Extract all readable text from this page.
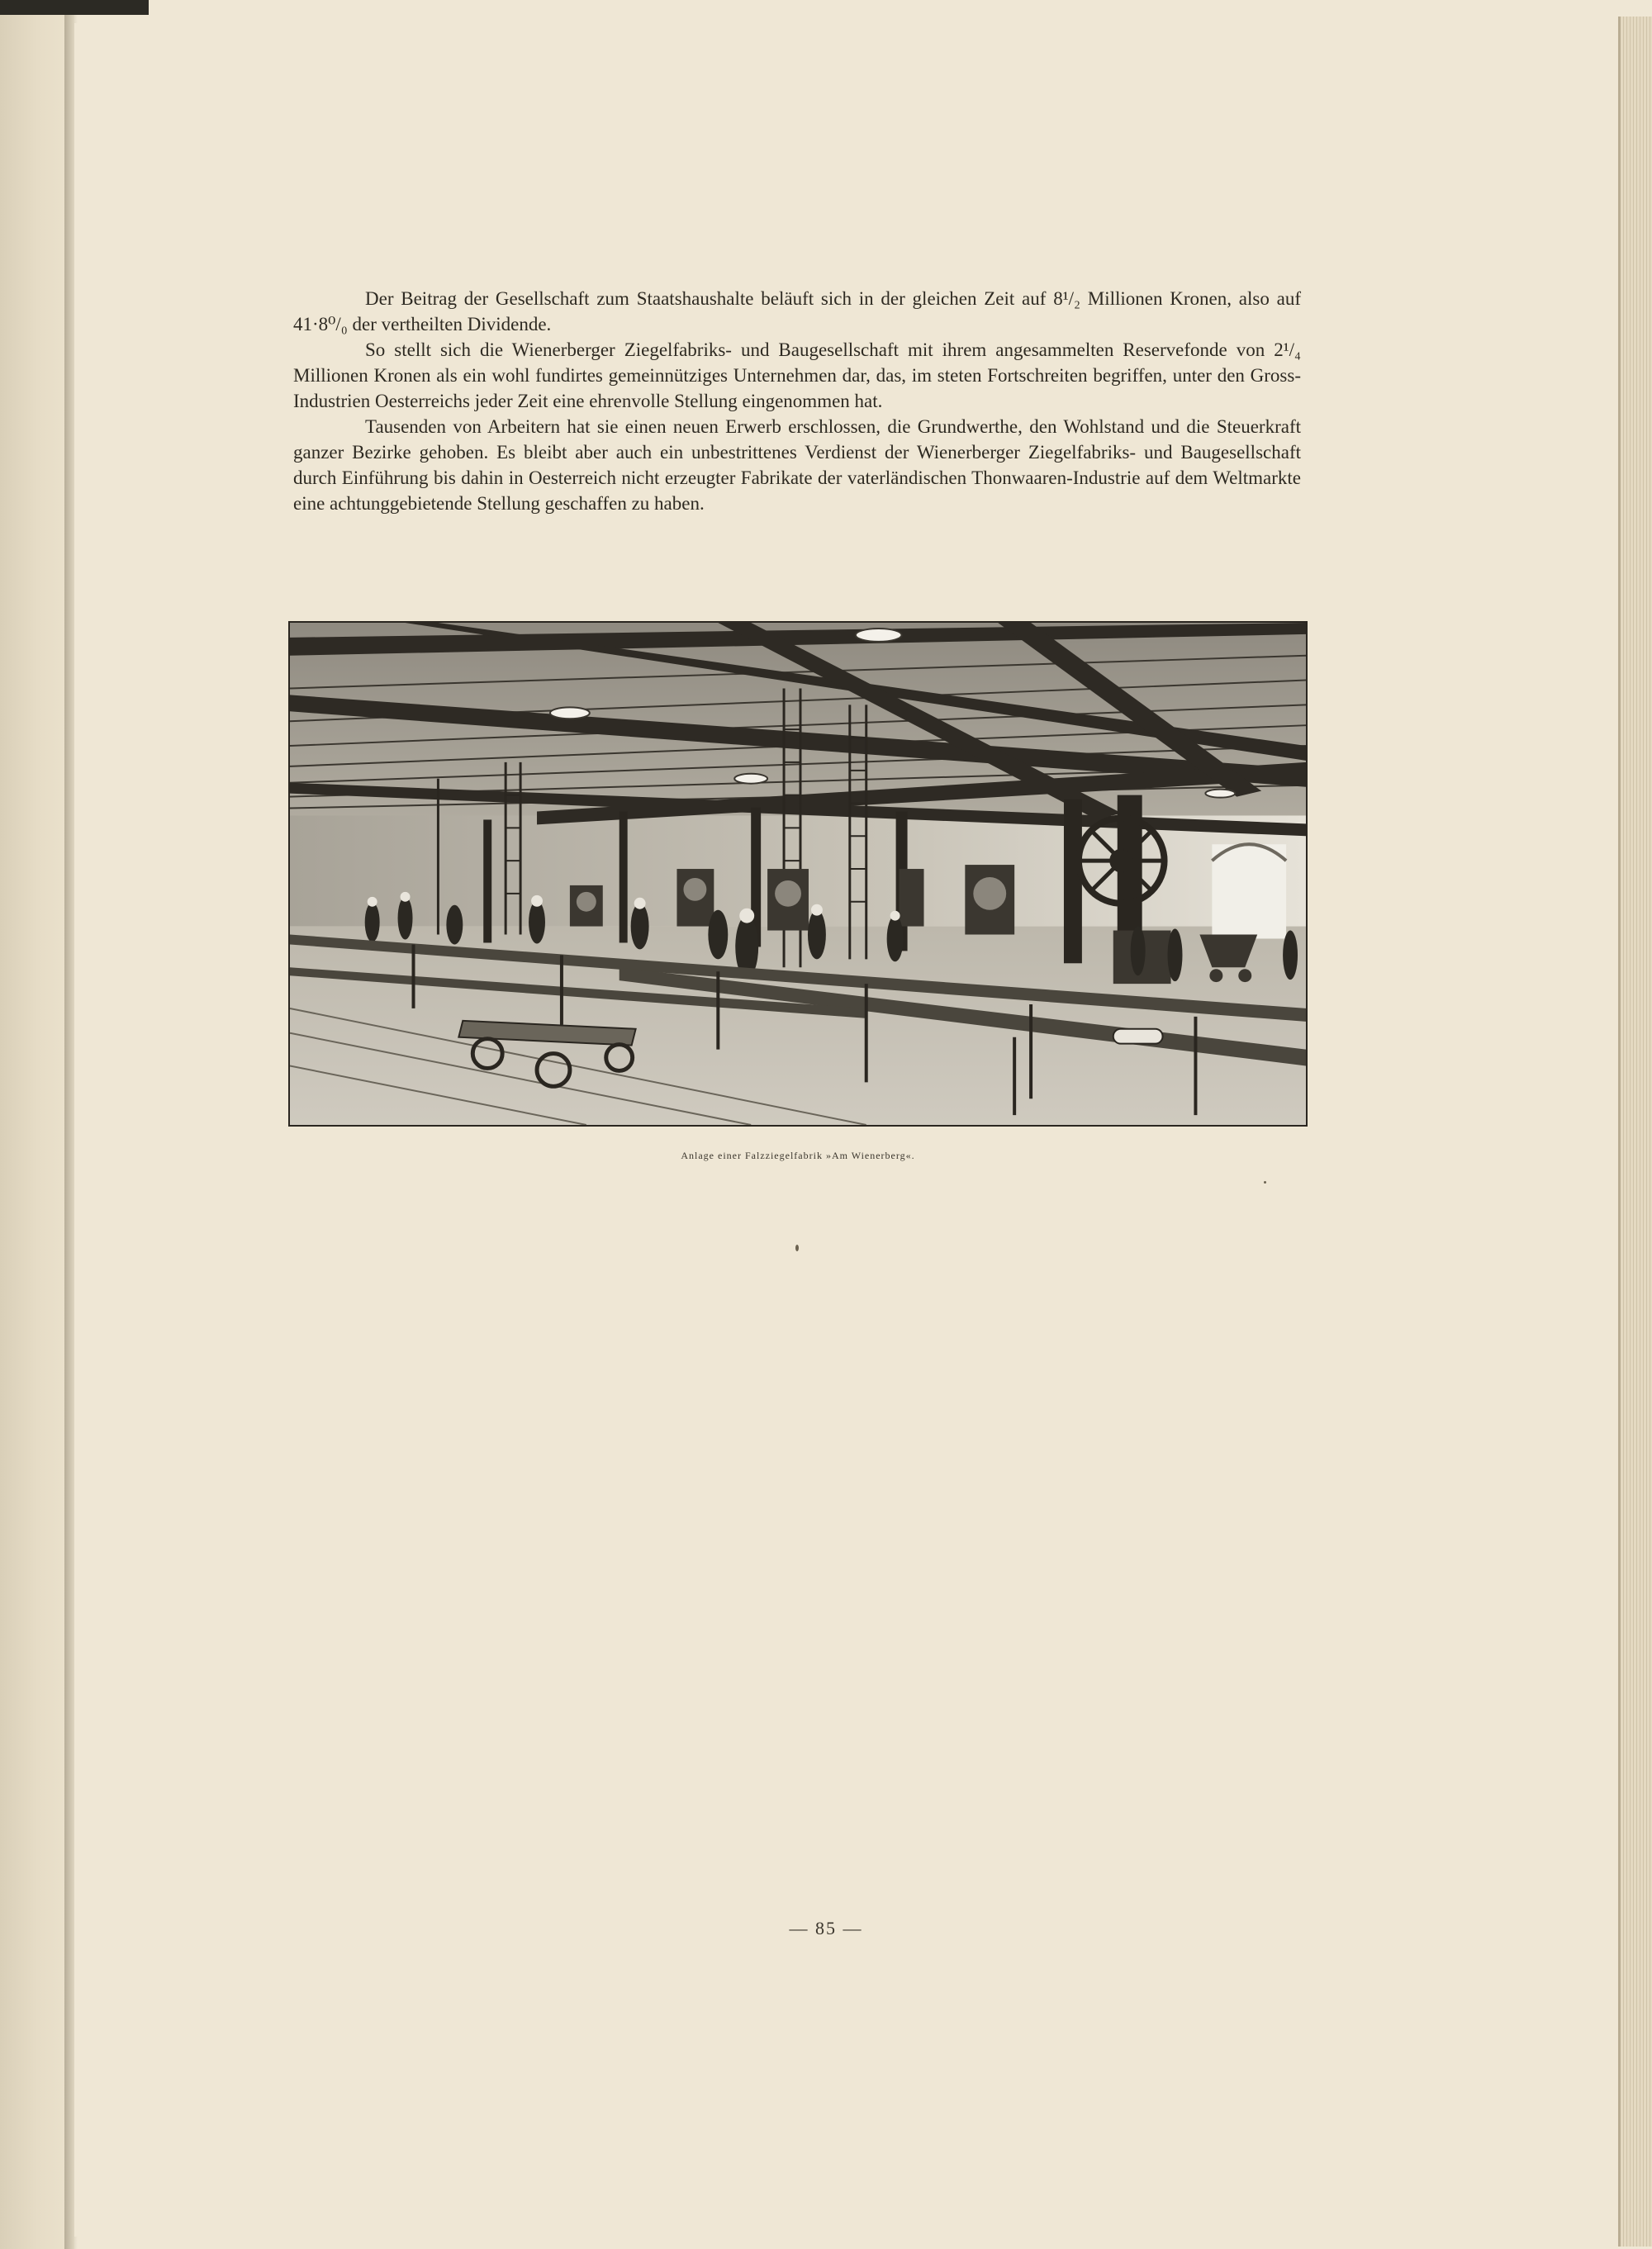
Der Beitrag der Gesellschaft zum Staatshaushalte beläuft sich in der gleichen Zeit auf 8¹/₂ Millionen Kronen, also auf 41·8⁰/₀ der vertheilten Dividende.

So stellt sich die Wienerberger Ziegelfabriks- und Baugesellschaft mit ihrem angesammelten Reservefonde von 2¹/₄ Millionen Kronen als ein wohl fundirtes gemeinnütziges Unternehmen dar, das, im steten Fortschreiten begriffen, unter den Gross-Industrien Oesterreichs jeder Zeit eine ehrenvolle Stellung eingenommen hat.

Tausenden von Arbeitern hat sie einen neuen Erwerb erschlossen, die Grundwerthe, den Wohlstand und die Steuerkraft ganzer Bezirke gehoben. Es bleibt aber auch ein unbestrittenes Verdienst der Wienerberger Ziegelfabriks- und Baugesellschaft durch Einführung bis dahin in Oesterreich nicht erzeugter Fabrikate der vaterländischen Thonwaaren-Industrie auf dem Weltmarkte eine achtunggebietende Stellung geschaffen zu haben.

Anlage einer Falzziegelfabrik »Am Wienerberg«.
— 85 —
